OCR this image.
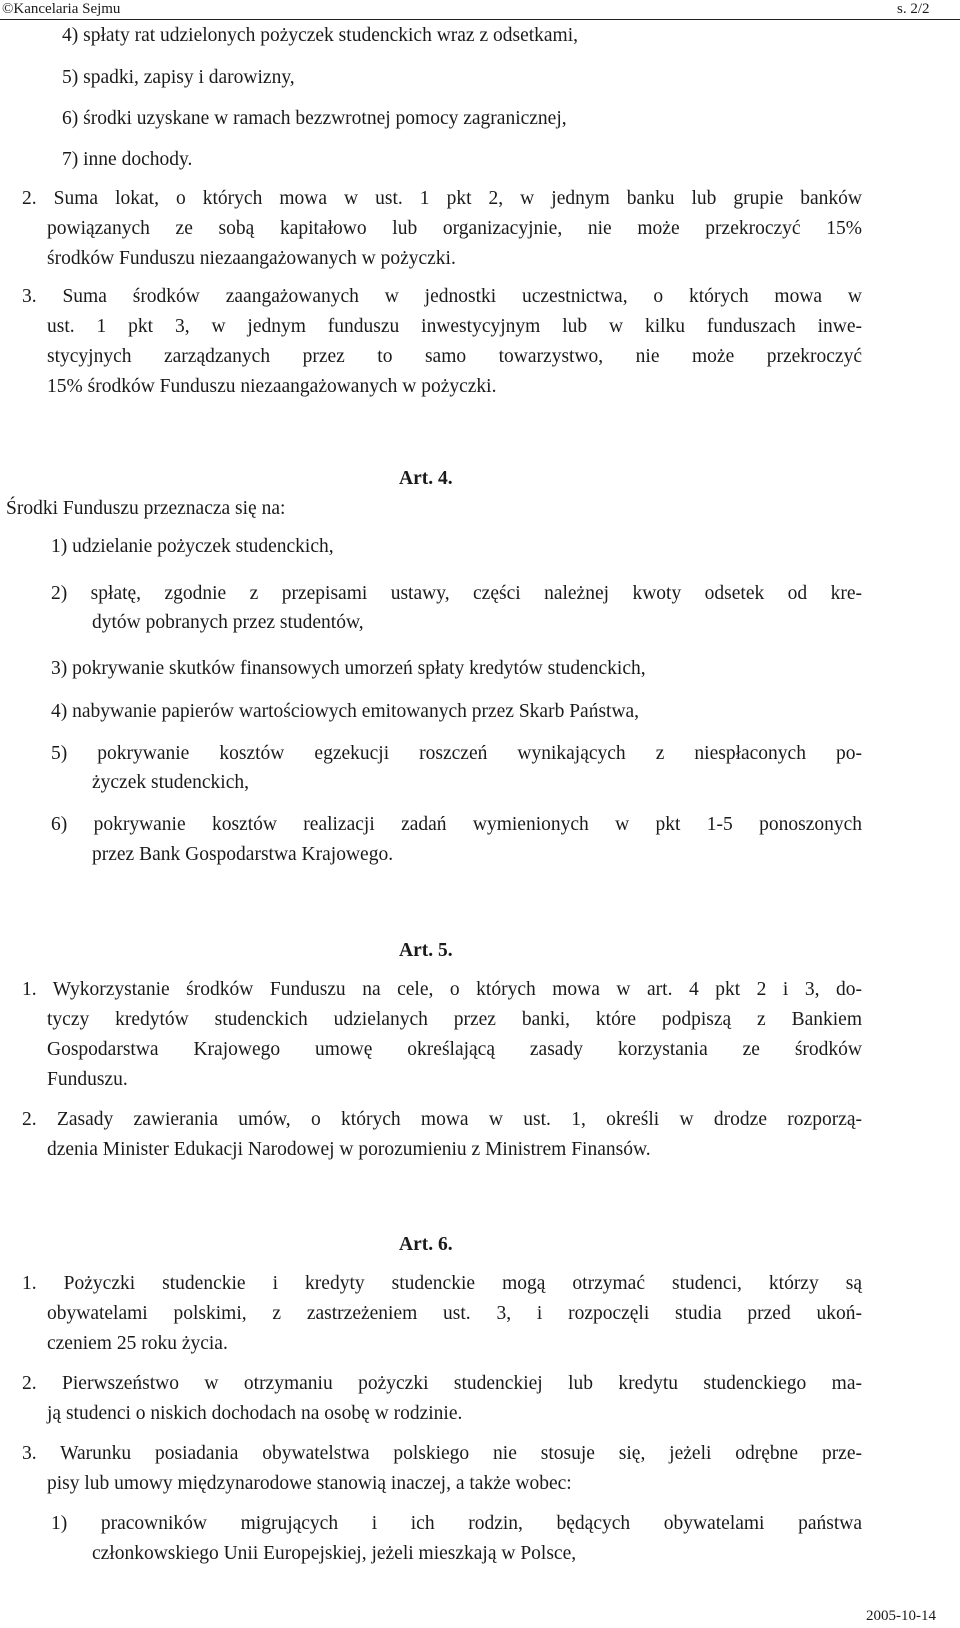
©Kancelaria Sejmu	s. 2/2
4) spłaty rat udzielonych pożyczek studenckich wraz z odsetkami,
5) spadki, zapisy i darowizny,
6) środki uzyskane w ramach bezzwrotnej pomocy zagranicznej,
7) inne dochody.
2. Suma lokat, o których mowa w ust. 1 pkt 2, w jednym banku lub grupie banków
powiązanych ze sobą kapitałowo lub organizacyjnie, nie może przekroczyć 15%
środków Funduszu niezaangażowanych w pożyczki.
3. Suma środków zaangażowanych w jednostki uczestnictwa, o których mowa w
ust. 1 pkt 3, w jednym funduszu inwestycyjnym lub w kilku funduszach inwe-
stycyjnych zarządzanych przez to samo towarzystwo, nie może przekroczyć
15% środków Funduszu niezaangażowanych w pożyczki.
Art. 4.
Środki Funduszu przeznacza się na:
1) udzielanie pożyczek studenckich,
2) spłatę, zgodnie z przepisami ustawy, części należnej kwoty odsetek od kre-
dytów pobranych przez studentów,
3) pokrywanie skutków finansowych umorzeń spłaty kredytów studenckich,
4) nabywanie papierów wartościowych emitowanych przez Skarb Państwa,
5) pokrywanie kosztów egzekucji roszczeń wynikających z niespłaconych po-
życzek studenckich,
6) pokrywanie kosztów realizacji zadań wymienionych w pkt 1-5 ponoszonych
przez Bank Gospodarstwa Krajowego.
Art. 5.
1. Wykorzystanie środków Funduszu na cele, o których mowa w art. 4 pkt 2 i 3, do-
tyczy kredytów studenckich udzielanych przez banki, które podpiszą z Bankiem
Gospodarstwa Krajowego umowę określającą zasady korzystania ze środków
Funduszu.
2. Zasady zawierania umów, o których mowa w ust. 1, określi w drodze rozporzą-
dzenia Minister Edukacji Narodowej w porozumieniu z Ministrem Finansów.
Art. 6.
1. Pożyczki studenckie i kredyty studenckie mogą otrzymać studenci, którzy są
obywatelami polskimi, z zastrzeżeniem ust. 3, i rozpoczęli studia przed ukoń-
czeniem 25 roku życia.
2. Pierwszeństwo w otrzymaniu pożyczki studenckiej lub kredytu studenckiego ma-
ją studenci o niskich dochodach na osobę w rodzinie.
3. Warunku posiadania obywatelstwa polskiego nie stosuje się, jeżeli odrębne prze-
pisy lub umowy międzynarodowe stanowią inaczej, a także wobec:
1) pracowników migrujących i ich rodzin, będących obywatelami państwa
członkowskiego Unii Europejskiej, jeżeli mieszkają w Polsce,
2005-10-14
